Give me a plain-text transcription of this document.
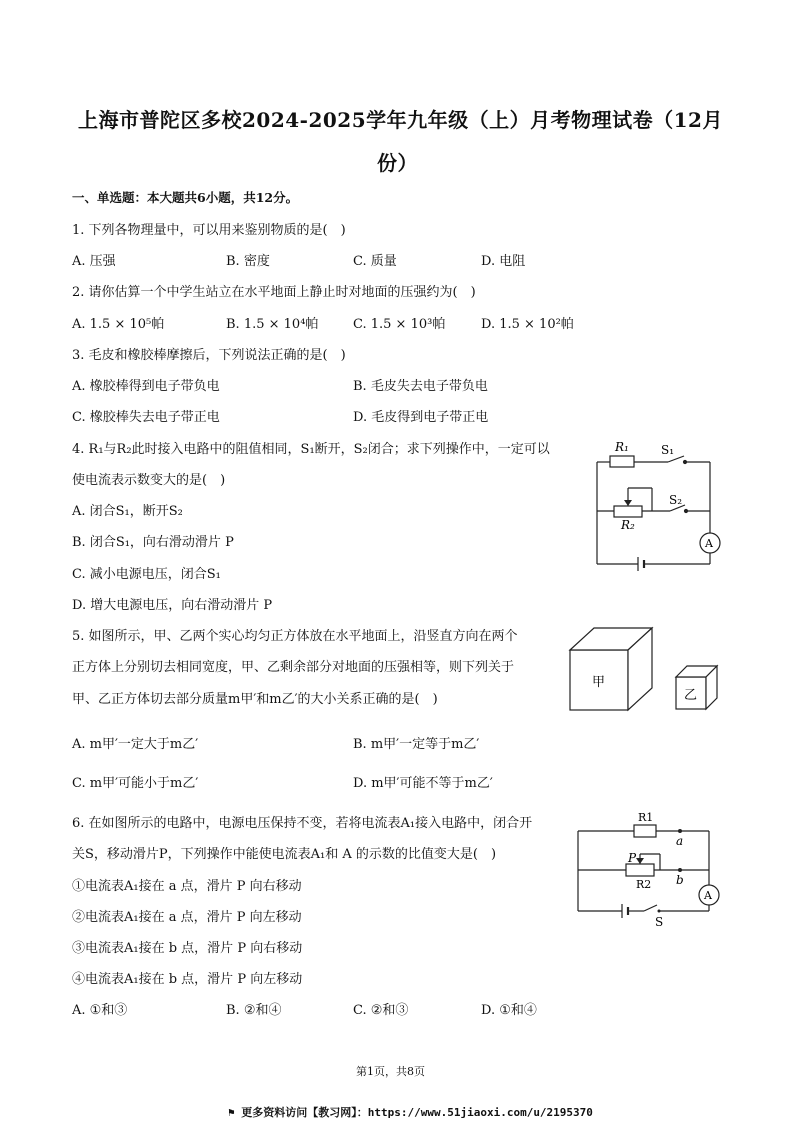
上海市普陀区多校2024-2025学年九年级（上）月考物理试卷（12月
份）
一、单选题：本大题共6小题，共12分。
1. 下列各物理量中，可以用来鉴别物质的是(　)
A. 压强	B. 密度	C. 质量	D. 电阻
2. 请你估算一个中学生站立在水平地面上静止时对地面的压强约为(　)
A. 1.5 × 10⁵帕	B. 1.5 × 10⁴帕	C. 1.5 × 10³帕	D. 1.5 × 10²帕
3. 毛皮和橡胶棒摩擦后，下列说法正确的是(　)
A. 橡胶棒得到电子带负电	B. 毛皮失去电子带负电
C. 橡胶棒失去电子带正电	D. 毛皮得到电子带正电
4. R₁与R₂此时接入电路中的阻值相同，S₁断开，S₂闭合；求下列操作中，一定可以
使电流表示数变大的是(　)
A. 闭合S₁，断开S₂
B. 闭合S₁，向右滑动滑片 P
C. 减小电源电压，闭合S₁
D. 增大电源电压，向右滑动滑片 P
R₁	S₁
S₂
R₂
A
5. 如图所示，甲、乙两个实心均匀正方体放在水平地面上，沿竖直方向在两个
正方体上分别切去相同宽度，甲、乙剩余部分对地面的压强相等，则下列关于
甲、乙正方体切去部分质量m甲′和m乙′的大小关系正确的是(　)
A. m甲′一定大于m乙′	B. m甲′一定等于m乙′
C. m甲′可能小于m乙′	D. m甲′可能不等于m乙′
甲
乙
6. 在如图所示的电路中，电源电压保持不变，若将电流表A₁接入电路中，闭合开
关S，移动滑片P，下列操作中能使电流表A₁和 A 的示数的比值变大是(　)
①电流表A₁接在 a 点，滑片 P 向右移动
②电流表A₁接在 a 点，滑片 P 向左移动
③电流表A₁接在 b 点，滑片 P 向右移动
④电流表A₁接在 b 点，滑片 P 向左移动
A. ①和③	B. ②和④	C. ②和③	D. ①和④
R1
a
P
R2 b
S
A
第1页，共8页
⚑ 更多资料访问【教习网】：https://www.51jiaoxi.com/u/2195370
